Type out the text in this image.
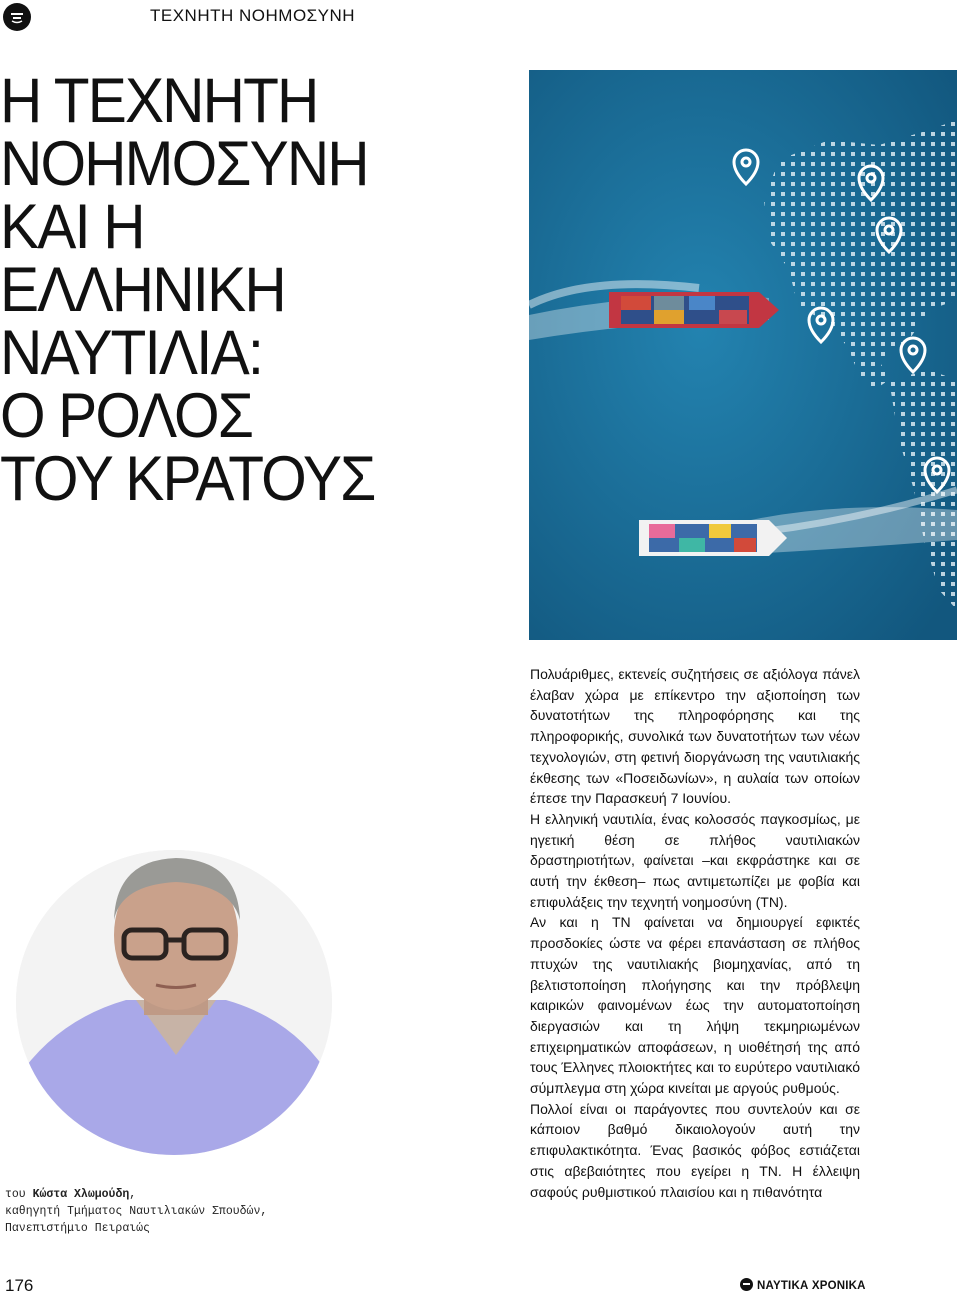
ΤΕΧΝΗΤΗ ΝΟΗΜΟΣΥΝΗ
Η ΤΕΧΝΗΤΗ
ΝΟΗΜΟΣΥΝΗ
ΚΑΙ Η
ΕΛΛΗΝΙΚΗ
ΝΑΥΤΙΛΙΑ:
Ο ΡΟΛΟΣ
ΤΟΥ ΚΡΑΤΟΥΣ

Πολυάριθμες, εκτενείς συζητήσεις σε αξιόλογα πάνελ έλαβαν χώρα με επίκεντρο την αξιοποίηση των δυνατοτήτων της πληροφόρησης και της πληροφορικής, συνολικά των δυνατοτήτων των νέων τεχνολογιών, στη φετινή διοργάνωση της ναυτιλιακής έκθεσης των «Ποσειδωνίων», η αυλαία των οποίων έπεσε την Παρασκευή 7 Ιουνίου.

Η ελληνική ναυτιλία, ένας κολοσσός παγκοσμίως, με ηγετική θέση σε πλήθος ναυτιλιακών δραστηριοτήτων, φαίνεται –και εκφράστηκε και σε αυτή την έκθεση– πως αντιμετωπίζει με φοβία και επιφυλάξεις την τεχνητή νοημοσύνη (ΤΝ).

Αν και η ΤΝ φαίνεται να δημιουργεί εφικτές προσδοκίες ώστε να φέρει επανάσταση σε πλήθος πτυχών της ναυτιλιακής βιομηχανίας, από τη βελτιστοποίηση πλοήγησης και την πρόβλεψη καιρικών φαινομένων έως την αυτοματοποίηση διεργασιών και τη λήψη τεκμηριωμένων επιχειρηματικών αποφάσεων, η υιοθέτησή της από τους Έλληνες πλοιοκτήτες και το ευρύτερο ναυτιλιακό σύμπλεγμα στη χώρα κινείται με αργούς ρυθμούς.

Πολλοί είναι οι παράγοντες που συντελούν και σε κάποιον βαθμό δικαιολογούν αυτή την επιφυλακτικότητα. Ένας βασικός φόβος εστιάζεται στις αβεβαιότητες που εγείρει η ΤΝ. Η έλλειψη σαφούς ρυθμιστικού πλαισίου και η πιθανότητα

του Κώστα Χλωμούδη,
καθηγητή Τμήματος Ναυτιλιακών Σπουδών,
Πανεπιστήμιο Πειραιώς
176	ΝΑΥΤΙΚΑ ΧΡΟΝΙΚΑ
